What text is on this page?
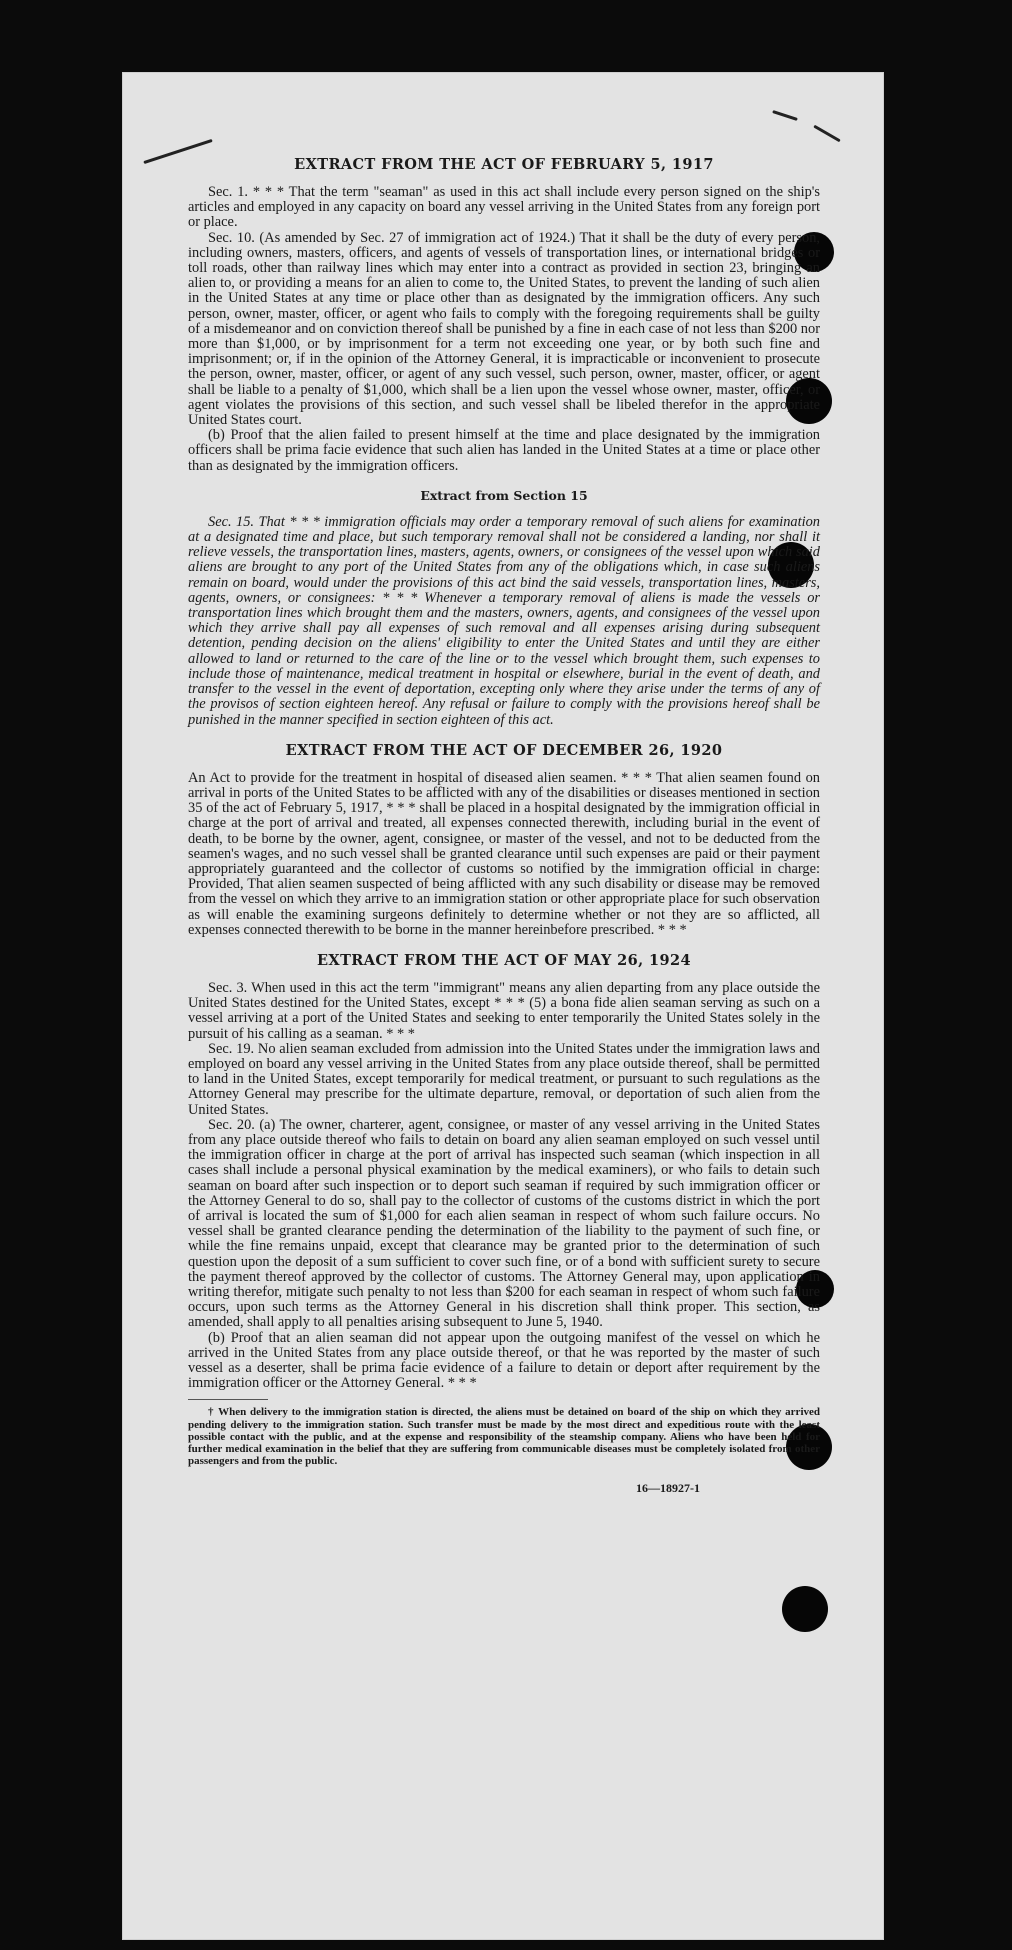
EXTRACT FROM THE ACT OF FEBRUARY 5, 1917

Sec. 1. * * * That the term "seaman" as used in this act shall include every person signed on the ship's articles and employed in any capacity on board any vessel arriving in the United States from any foreign port or place.

Sec. 10. (As amended by Sec. 27 of immigration act of 1924.) That it shall be the duty of every person, including owners, masters, officers, and agents of vessels of transportation lines, or international bridges or toll roads, other than railway lines which may enter into a contract as provided in section 23, bringing an alien to, or providing a means for an alien to come to, the United States, to prevent the landing of such alien in the United States at any time or place other than as designated by the immigration officers. Any such person, owner, master, officer, or agent who fails to comply with the foregoing requirements shall be guilty of a misdemeanor and on conviction thereof shall be punished by a fine in each case of not less than $200 nor more than $1,000, or by imprisonment for a term not exceeding one year, or by both such fine and imprisonment; or, if in the opinion of the Attorney General, it is impracticable or inconvenient to prosecute the person, owner, master, officer, or agent of any such vessel, such person, owner, master, officer, or agent shall be liable to a penalty of $1,000, which shall be a lien upon the vessel whose owner, master, officer, or agent violates the provisions of this section, and such vessel shall be libeled therefor in the appropriate United States court.

(b) Proof that the alien failed to present himself at the time and place designated by the immigration officers shall be prima facie evidence that such alien has landed in the United States at a time or place other than as designated by the immigration officers.

Extract from Section 15

Sec. 15. That * * * immigration officials may order a temporary removal of such aliens for examination at a designated time and place, but such temporary removal shall not be considered a landing, nor shall it relieve vessels, the transportation lines, masters, agents, owners, or consignees of the vessel upon which said aliens are brought to any port of the United States from any of the obligations which, in case such aliens remain on board, would under the provisions of this act bind the said vessels, transportation lines, masters, agents, owners, or consignees: * * * Whenever a temporary removal of aliens is made the vessels or transportation lines which brought them and the masters, owners, agents, and consignees of the vessel upon which they arrive shall pay all expenses of such removal and all expenses arising during subsequent detention, pending decision on the aliens' eligibility to enter the United States and until they are either allowed to land or returned to the care of the line or to the vessel which brought them, such expenses to include those of maintenance, medical treatment in hospital or elsewhere, burial in the event of death, and transfer to the vessel in the event of deportation, excepting only where they arise under the terms of any of the provisos of section eighteen hereof. Any refusal or failure to comply with the provisions hereof shall be punished in the manner specified in section eighteen of this act.

EXTRACT FROM THE ACT OF DECEMBER 26, 1920

An Act to provide for the treatment in hospital of diseased alien seamen. * * * That alien seamen found on arrival in ports of the United States to be afflicted with any of the disabilities or diseases mentioned in section 35 of the act of February 5, 1917, * * * shall be placed in a hospital designated by the immigration official in charge at the port of arrival and treated, all expenses connected therewith, including burial in the event of death, to be borne by the owner, agent, consignee, or master of the vessel, and not to be deducted from the seamen's wages, and no such vessel shall be granted clearance until such expenses are paid or their payment appropriately guaranteed and the collector of customs so notified by the immigration official in charge: Provided, That alien seamen suspected of being afflicted with any such disability or disease may be removed from the vessel on which they arrive to an immigration station or other appropriate place for such observation as will enable the examining surgeons definitely to determine whether or not they are so afflicted, all expenses connected therewith to be borne in the manner hereinbefore prescribed. * * *

EXTRACT FROM THE ACT OF MAY 26, 1924

Sec. 3. When used in this act the term "immigrant" means any alien departing from any place outside the United States destined for the United States, except * * * (5) a bona fide alien seaman serving as such on a vessel arriving at a port of the United States and seeking to enter temporarily the United States solely in the pursuit of his calling as a seaman. * * *

Sec. 19. No alien seaman excluded from admission into the United States under the immigration laws and employed on board any vessel arriving in the United States from any place outside thereof, shall be permitted to land in the United States, except temporarily for medical treatment, or pursuant to such regulations as the Attorney General may prescribe for the ultimate departure, removal, or deportation of such alien from the United States.

Sec. 20. (a) The owner, charterer, agent, consignee, or master of any vessel arriving in the United States from any place outside thereof who fails to detain on board any alien seaman employed on such vessel until the immigration officer in charge at the port of arrival has inspected such seaman (which inspection in all cases shall include a personal physical examination by the medical examiners), or who fails to detain such seaman on board after such inspection or to deport such seaman if required by such immigration officer or the Attorney General to do so, shall pay to the collector of customs of the customs district in which the port of arrival is located the sum of $1,000 for each alien seaman in respect of whom such failure occurs. No vessel shall be granted clearance pending the determination of the liability to the payment of such fine, or while the fine remains unpaid, except that clearance may be granted prior to the determination of such question upon the deposit of a sum sufficient to cover such fine, or of a bond with sufficient surety to secure the payment thereof approved by the collector of customs. The Attorney General may, upon application in writing therefor, mitigate such penalty to not less than $200 for each seaman in respect of whom such failure occurs, upon such terms as the Attorney General in his discretion shall think proper. This section, as amended, shall apply to all penalties arising subsequent to June 5, 1940.

(b) Proof that an alien seaman did not appear upon the outgoing manifest of the vessel on which he arrived in the United States from any place outside thereof, or that he was reported by the master of such vessel as a deserter, shall be prima facie evidence of a failure to detain or deport after requirement by the immigration officer or the Attorney General. * * *

† When delivery to the immigration station is directed, the aliens must be detained on board of the ship on which they arrived pending delivery to the immigration station. Such transfer must be made by the most direct and expeditious route with the least possible contact with the public, and at the expense and responsibility of the steamship company. Aliens who have been held for further medical examination in the belief that they are suffering from communicable diseases must be completely isolated from other passengers and from the public.

16—18927-1
